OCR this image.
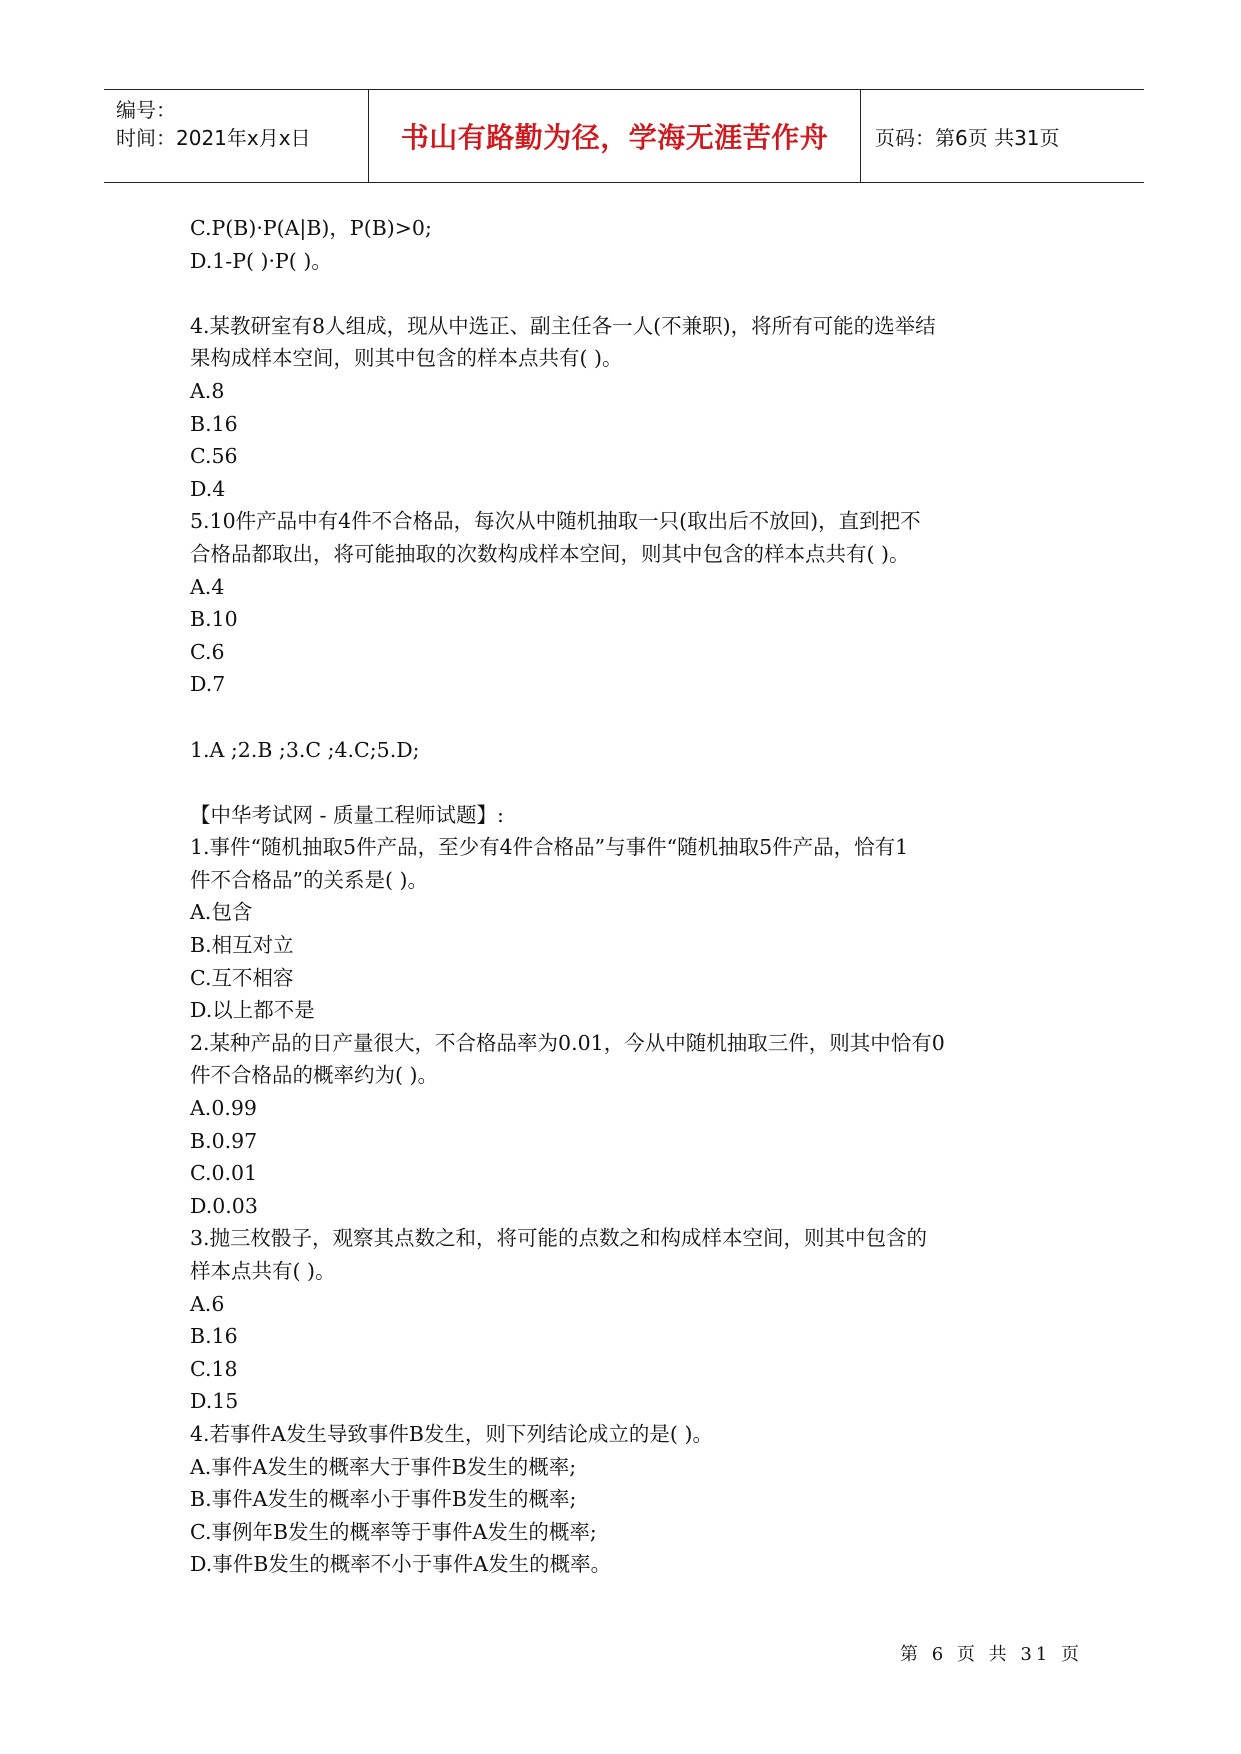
编号：
时间：2021年x月x日	书山有路勤为径，学海无涯苦作舟 页码：第6页 共31页
C.P(B)·P(A|B)，P(B)>0;
D.1-P( )·P( )。
4.某教研室有8人组成，现从中选正、副主任各一人(不兼职)，将所有可能的选举结
果构成样本空间，则其中包含的样本点共有( )。
A.8
B.16
C.56
D.4
5.10件产品中有4件不合格品，每次从中随机抽取一只(取出后不放回)，直到把不
合格品都取出，将可能抽取的次数构成样本空间，则其中包含的样本点共有( )。
A.4
B.10
C.6
D.7
1.A ;2.B ;3.C ;4.C;5.D;
【中华考试网 - 质量工程师试题】:
1.事件“随机抽取5件产品，至少有4件合格品”与事件“随机抽取5件产品，恰有1
件不合格品”的关系是( )。
A.包含
B.相互对立
C.互不相容
D.以上都不是
2.某种产品的日产量很大，不合格品率为0.01，今从中随机抽取三件，则其中恰有0
件不合格品的概率约为( )。
A.0.99
B.0.97
C.0.01
D.0.03
3.抛三枚骰子，观察其点数之和，将可能的点数之和构成样本空间，则其中包含的
样本点共有( )。
A.6
B.16
C.18
D.15
4.若事件A发生导致事件B发生，则下列结论成立的是( )。
A.事件A发生的概率大于事件B发生的概率;
B.事件A发生的概率小于事件B发生的概率;
C.事例年B发生的概率等于事件A发生的概率;
D.事件B发生的概率不小于事件A发生的概率。
第 6 页 共 31 页
